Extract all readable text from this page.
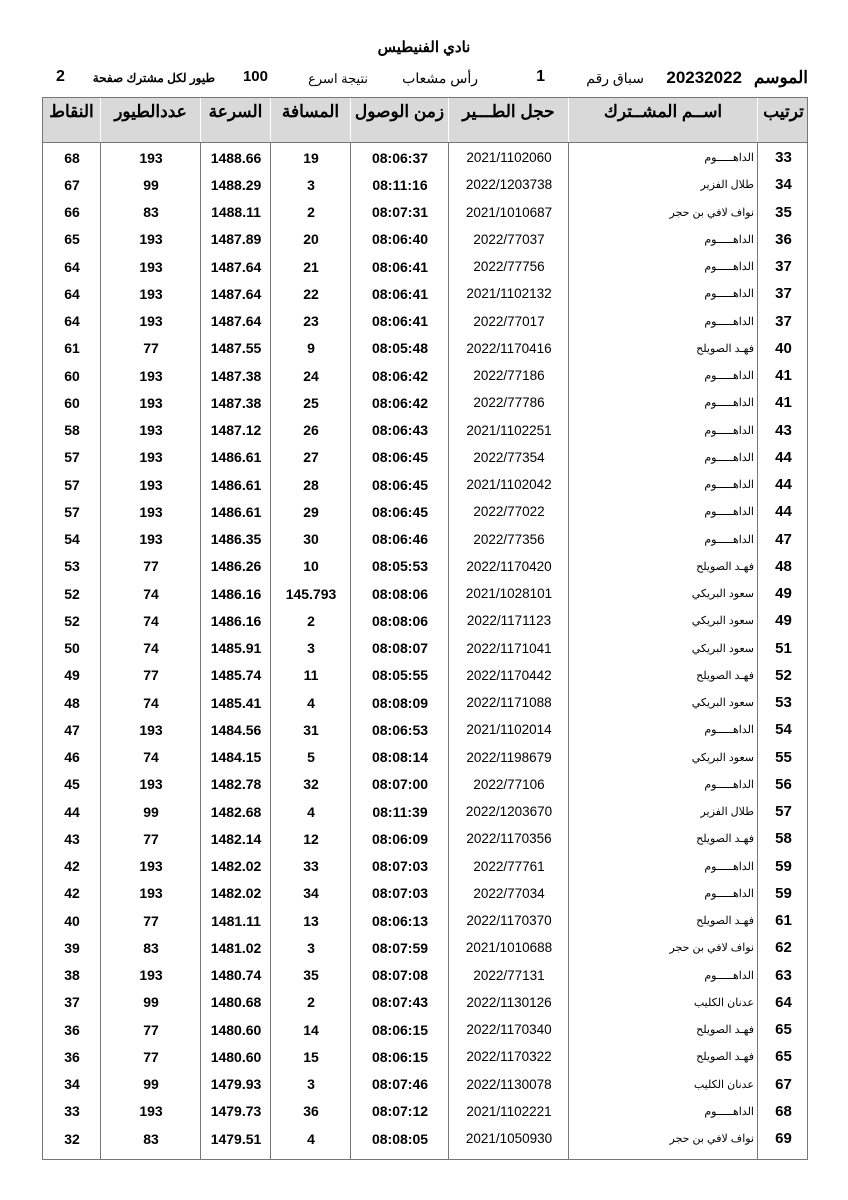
نادي الفنيطيس
الموسم
20232022
سباق رقم
1
رأس مشعاب
نتيجة اسرع
100
طيور لكل مشترك صفحة
2
النقاط	عددالطيور	السرعة	المسافة زمن الوصول	حجل الطـــير	اســم المشــترك	ترتيب
68	193	1488.66	19	08:06:37	2021/1102060	الداهـــــوم	33
67	99	1488.29	3	08:11:16	2022/1203738	طلال الفزير	34
66	83	1488.11	2	08:07:31	2021/1010687	نواف لافي بن حجر	35
65	193	1487.89	20	08:06:40	2022/77037	الداهـــــوم	36
64	193	1487.64	21	08:06:41	2022/77756	الداهـــــوم	37
64	193	1487.64	22	08:06:41	2021/1102132	الداهـــــوم	37
64	193	1487.64	23	08:06:41	2022/77017	الداهـــــوم	37
61	77	1487.55	9	08:05:48	2022/1170416	فهـد الصويلح	40
60	193	1487.38	24	08:06:42	2022/77186	الداهـــــوم	41
60	193	1487.38	25	08:06:42	2022/77786	الداهـــــوم	41
58	193	1487.12	26	08:06:43	2021/1102251	الداهـــــوم	43
57	193	1486.61	27	08:06:45	2022/77354	الداهـــــوم	44
57	193	1486.61	28	08:06:45	2021/1102042	الداهـــــوم	44
57	193	1486.61	29	08:06:45	2022/77022	الداهـــــوم	44
54	193	1486.35	30	08:06:46	2022/77356	الداهـــــوم	47
53	77	1486.26	10	08:05:53	2022/1170420	فهـد الصويلح	48
52	74	1486.16	145.793	08:08:06	2021/1028101	سعود البريكي	49
52	74	1486.16	2	08:08:06	2022/1171123	سعود البريكي	49
50	74	1485.91	3	08:08:07	2022/1171041	سعود البريكي	51
49	77	1485.74	11	08:05:55	2022/1170442	فهـد الصويلح	52
48	74	1485.41	4	08:08:09	2022/1171088	سعود البريكي	53
47	193	1484.56	31	08:06:53	2021/1102014	الداهـــــوم	54
46	74	1484.15	5	08:08:14	2022/1198679	سعود البريكي	55
45	193	1482.78	32	08:07:00	2022/77106	الداهـــــوم	56
44	99	1482.68	4	08:11:39	2022/1203670	طلال الفزير	57
43	77	1482.14	12	08:06:09	2022/1170356	فهـد الصويلح	58
42	193	1482.02	33	08:07:03	2022/77761	الداهـــــوم	59
42	193	1482.02	34	08:07:03	2022/77034	الداهـــــوم	59
40	77	1481.11	13	08:06:13	2022/1170370	فهـد الصويلح	61
39	83	1481.02	3	08:07:59	2021/1010688	نواف لافي بن حجر	62
38	193	1480.74	35	08:07:08	2022/77131	الداهـــــوم	63
37	99	1480.68	2	08:07:43	2022/1130126	عدنان الكليب	64
36	77	1480.60	14	08:06:15	2022/1170340	فهـد الصويلح	65
36	77	1480.60	15	08:06:15	2022/1170322	فهـد الصويلح	65
34	99	1479.93	3	08:07:46	2022/1130078	عدنان الكليب	67
33	193	1479.73	36	08:07:12	2021/1102221	الداهـــــوم	68
32	83	1479.51	4	08:08:05	2021/1050930	نواف لافي بن حجر	69
